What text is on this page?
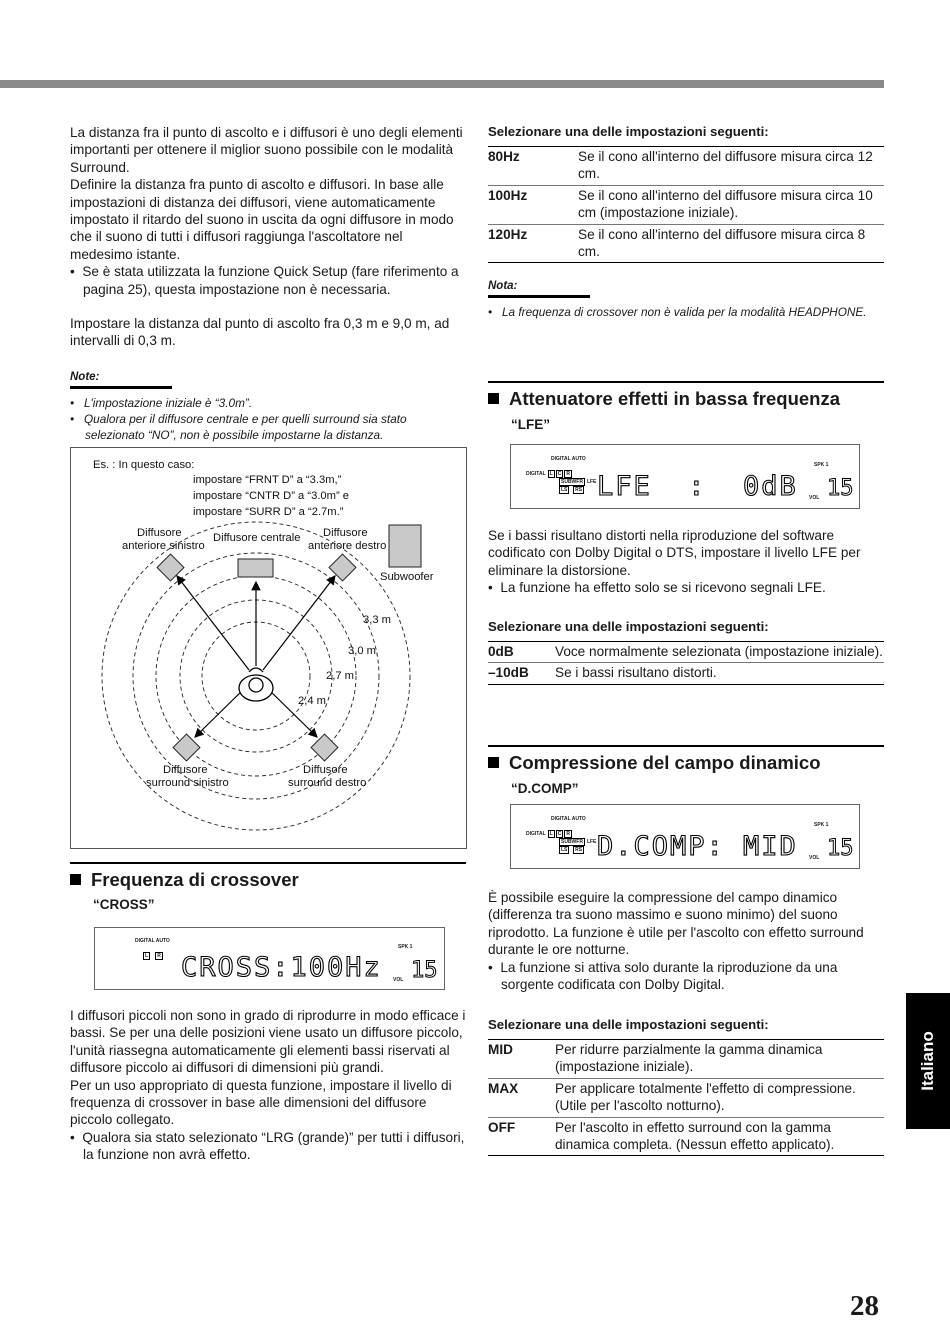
La distanza fra il punto di ascolto e i diffusori è uno degli elementi importanti per ottenere il miglior suono possibile con le modalità Surround.

Definire la distanza fra punto di ascolto e diffusori. In base alle impostazioni di distanza dei diffusori, viene automaticamente impostato il ritardo del suono in uscita da ogni diffusore in modo che il suono di tutti i diffusori raggiunga l'ascoltatore nel medesimo istante.

•  Se è stata utilizzata la funzione Quick Setup (fare riferimento a pagina 25), questa impostazione non è necessaria.

Impostare la distanza dal punto di ascolto fra 0,3 m e 9,0 m, ad intervalli di 0,3 m.

Note:

•   L'impostazione iniziale è “3.0m”.

•   Qualora per il diffusore centrale e per quelli surround sia stato selezionato “NO”, non è possibile impostarne la distanza.

Es. : In questo caso:
impostare “FRNT D” a “3.3m,”
impostare “CNTR D” a “3.0m” e
impostare “SURR D” a “2.7m.”
Diffusore
anteriore sinistro
Diffusore centrale Diffusore
anteriore destro
Subwoofer
3,3 m
3,0 m
2,7 m
2,4 m
Diffusore
surround sinistro
Diffusore
surround destro
Frequenza di crossover
“CROSS”
DIGITAL AUTO
SPK 1
L R CROSS:100Hz VOL 15

I diffusori piccoli non sono in grado di riprodurre in modo efficace i bassi. Se per una delle posizioni viene usato un diffusore piccolo, l'unità riassegna automaticamente gli elementi bassi riservati al diffusore piccolo ai diffusori di dimensioni più grandi.

Per un uso appropriato di questa funzione, impostare il livello di frequenza di crossover in base alle dimensioni del diffusore piccolo collegato.

•  Qualora sia stato selezionato “LRG (grande)” per tutti i diffusori, la funzione non avrà effetto.

Selezionare una delle impostazioni seguenti:

80Hz	Se il cono all'interno del diffusore misura circa 12 cm.
100Hz	Se il cono all'interno del diffusore misura circa 10 cm (impostazione iniziale).
120Hz	Se il cono all'interno del diffusore misura circa 8 cm.

Nota:

•   La frequenza di crossover non è valida per la modalità HEADPHONE.

Attenuatore effetti in bassa frequenza
“LFE”
DIGITAL AUTO
SPK 1
DIGITAL L C R
SUBWFR LFE
LS RS LFE  :  0dB VOL 15

Se i bassi risultano distorti nella riproduzione del software codificato con Dolby Digital o DTS, impostare il livello LFE per eliminare la distorsione.

•  La funzione ha effetto solo se si ricevono segnali LFE.

Selezionare una delle impostazioni seguenti:

0dB	Voce normalmente selezionata (impostazione iniziale).
–10dB	Se i bassi risultano distorti.
Compressione del campo dinamico
“D.COMP”
DIGITAL AUTO
SPK 1
DIGITAL L C R
SUBWFR LFE
LS RS D.COMP: MID VOL 15

È possibile eseguire la compressione del campo dinamico (differenza tra suono massimo e suono minimo) del suono riprodotto. La funzione è utile per l'ascolto con effetto surround durante le ore notturne.

•  La funzione si attiva solo durante la riproduzione da una sorgente codificata con Dolby Digital.

Selezionare una delle impostazioni seguenti:

MID	Per ridurre parzialmente la gamma dinamica (impostazione iniziale).
MAX	Per applicare totalmente l'effetto di compressione. (Utile per l'ascolto notturno).
OFF	Per l'ascolto in effetto surround con la gamma dinamica completa. (Nessun effetto applicato).
Italiano
28
